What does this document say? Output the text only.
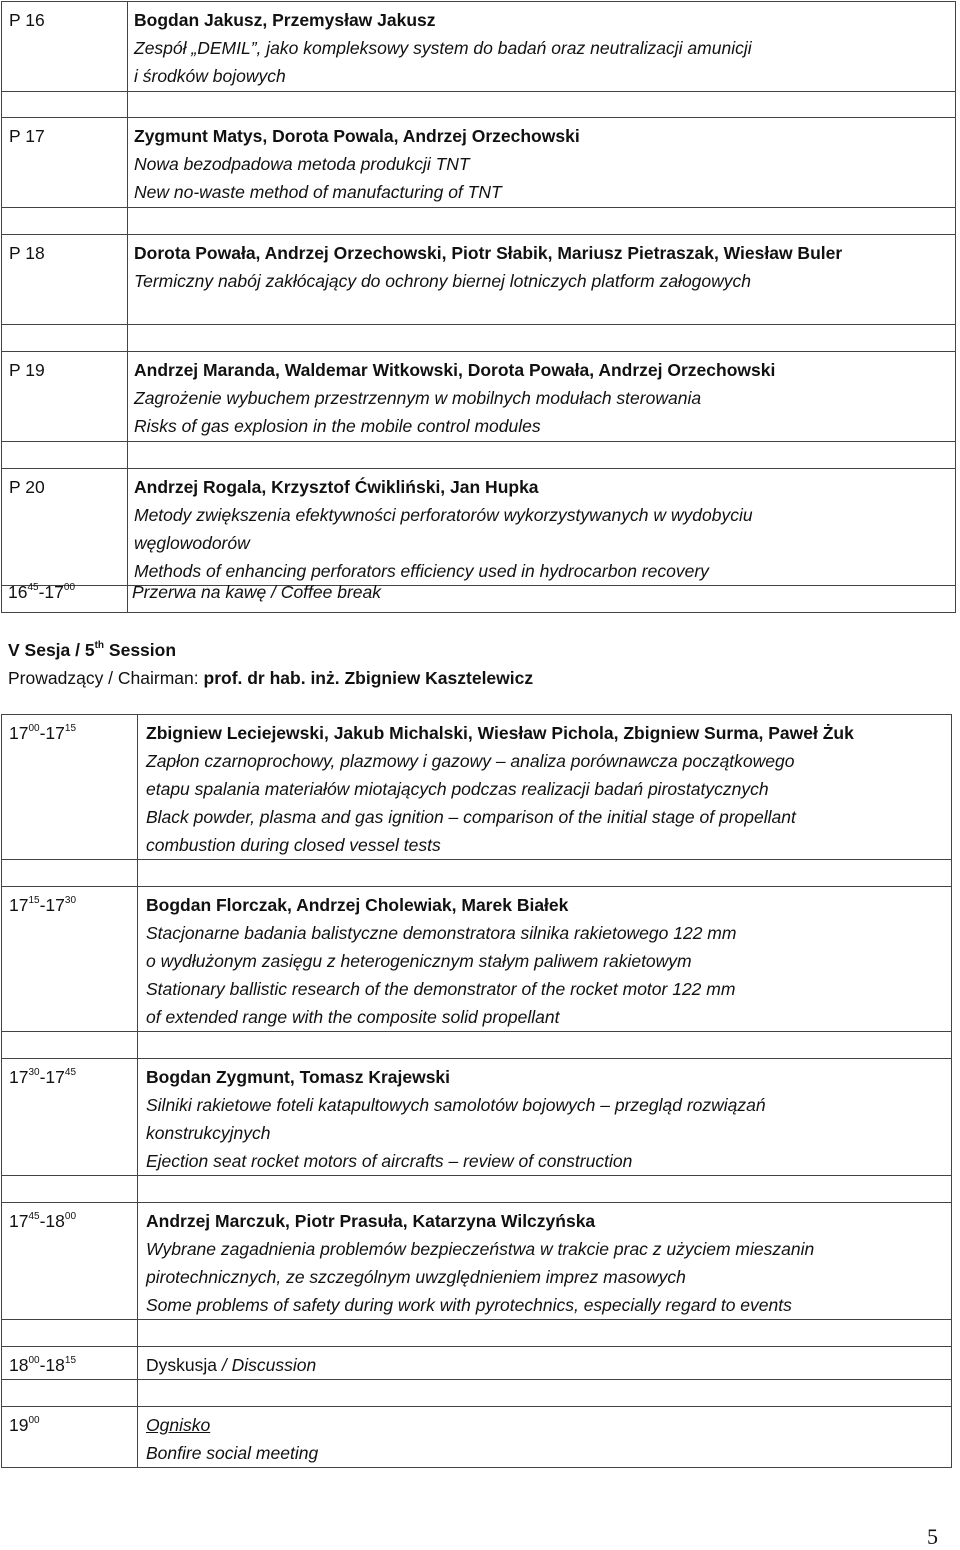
P 16	Bogdan Jakusz, Przemysław Jakusz
Zespół „DEMIL”, jako kompleksowy system do badań oraz neutralizacji amunicji
i środków bojowych

P 17	Zygmunt Matys, Dorota Powala, Andrzej Orzechowski
Nowa bezodpadowa metoda produkcji TNT
New no-waste method of manufacturing of TNT

P 18	Dorota Powała, Andrzej Orzechowski, Piotr Słabik, Mariusz Pietraszak, Wiesław Buler
Termiczny nabój zakłócający do ochrony biernej lotniczych platform załogowych

P 19	Andrzej Maranda, Waldemar Witkowski, Dorota Powała, Andrzej Orzechowski
Zagrożenie wybuchem przestrzennym w mobilnych modułach sterowania
Risks of gas explosion in the mobile control modules

P 20	Andrzej Rogala, Krzysztof Ćwikliński, Jan Hupka
Metody zwiększenia efektywności perforatorów wykorzystywanych w wydobyciu
węglowodorów
Methods of enhancing perforators efficiency used in hydrocarbon recovery

$16^{45}-17^{00}$	Przerwa na kawę / Coffee break
V Sesja / 5th Session
Prowadzący / Chairman: prof. dr hab. inż. Zbigniew Kasztelewicz
$17^{00}-17^{15}$	Zbigniew Leciejewski, Jakub Michalski, Wiesław Pichola, Zbigniew Surma, Paweł Żuk
Zapłon czarnoprochowy, plazmowy i gazowy – analiza porównawcza początkowego
etapu spalania materiałów miotających podczas realizacji badań pirostatycznych
Black powder, plasma and gas ignition – comparison of the initial stage of propellant
combustion during closed vessel tests

$17^{15}-17^{30}$	Bogdan Florczak, Andrzej Cholewiak, Marek Białek
Stacjonarne badania balistyczne demonstratora silnika rakietowego 122 mm
o wydłużonym zasięgu z heterogenicznym stałym paliwem rakietowym
Stationary ballistic research of the demonstrator of the rocket motor 122 mm
of extended range with the composite solid propellant

$17^{30}-17^{45}$	Bogdan Zygmunt, Tomasz Krajewski
Silniki rakietowe foteli katapultowych samolotów bojowych – przegląd rozwiązań
konstrukcyjnych
Ejection seat rocket motors of aircrafts – review of construction

$17^{45}-18^{00}$	Andrzej Marczuk, Piotr Prasuła, Katarzyna Wilczyńska
Wybrane zagadnienia problemów bezpieczeństwa w trakcie prac z użyciem mieszanin
pirotechnicznych, ze szczególnym uwzględnieniem imprez masowych
Some problems of safety during work with pyrotechnics, especially regard to events

$18^{00}-18^{15}$	Dyskusja / Discussion

$19^{00}$	Ognisko
Bonfire social meeting
5
